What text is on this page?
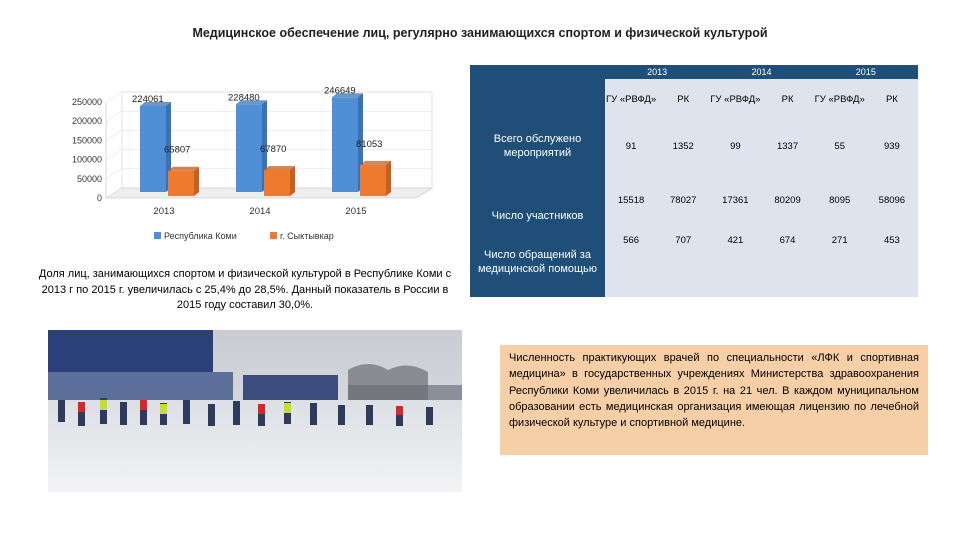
Медицинское обеспечение лиц, регулярно занимающихся спортом и физической культурой
250000
200000
150000
100000
50000
0
224061
65807
228480
67870
246649
81053
2013	2014	2015
Республика Коми	г. Сыктывкар
Доля лиц, занимающихся спортом и физической культурой в Республике Коми с 2013 г по 2015 г. увеличилась с 25,4% до 28,5%. Данный показатель в России в 2015 году составил 30,0%.
	2013		2014		2015	
	ГУ «РВФД»	РК	ГУ «РВФД»	РК	ГУ «РВФД»	РК
Всего обслужено мероприятий	91	1352	99	1337	55	939
Число участников	15518	78027	17361	80209	8095	58096
Число обращений за медицинской помощью	566	707	421	674	271	453
Численность практикующих врачей по специальности «ЛФК и спортивная медицина» в государственных учреждениях Министерства здравоохранения Республики Коми увеличилась в 2015 г. на 21 чел. В каждом муниципальном образовании есть медицинская организация имеющая лицензию по лечебной физической культуре и спортивной медицине.
